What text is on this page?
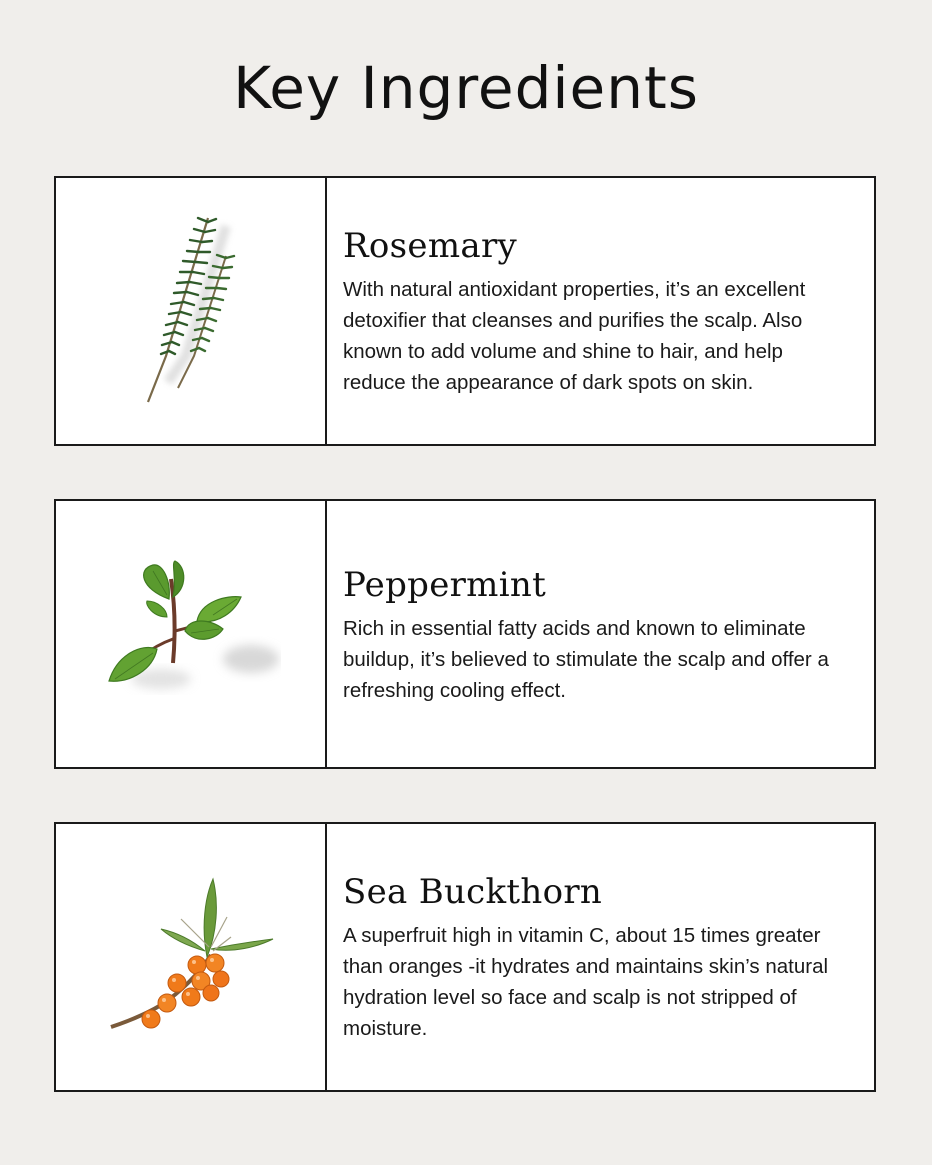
Key Ingredients
Rosemary

With natural antioxidant properties, it’s an excellent detoxifier that cleanses and purifies the scalp. Also known to add volume and shine to hair, and help reduce the appearance of dark spots on skin.

Peppermint

Rich in essential fatty acids and known to eliminate buildup, it’s believed to stimulate the scalp and offer a refreshing cooling effect.

Sea Buckthorn

A superfruit high in vitamin C, about 15 times greater than oranges -it hydrates and maintains skin’s natural hydration level so face and scalp is not stripped of moisture.
